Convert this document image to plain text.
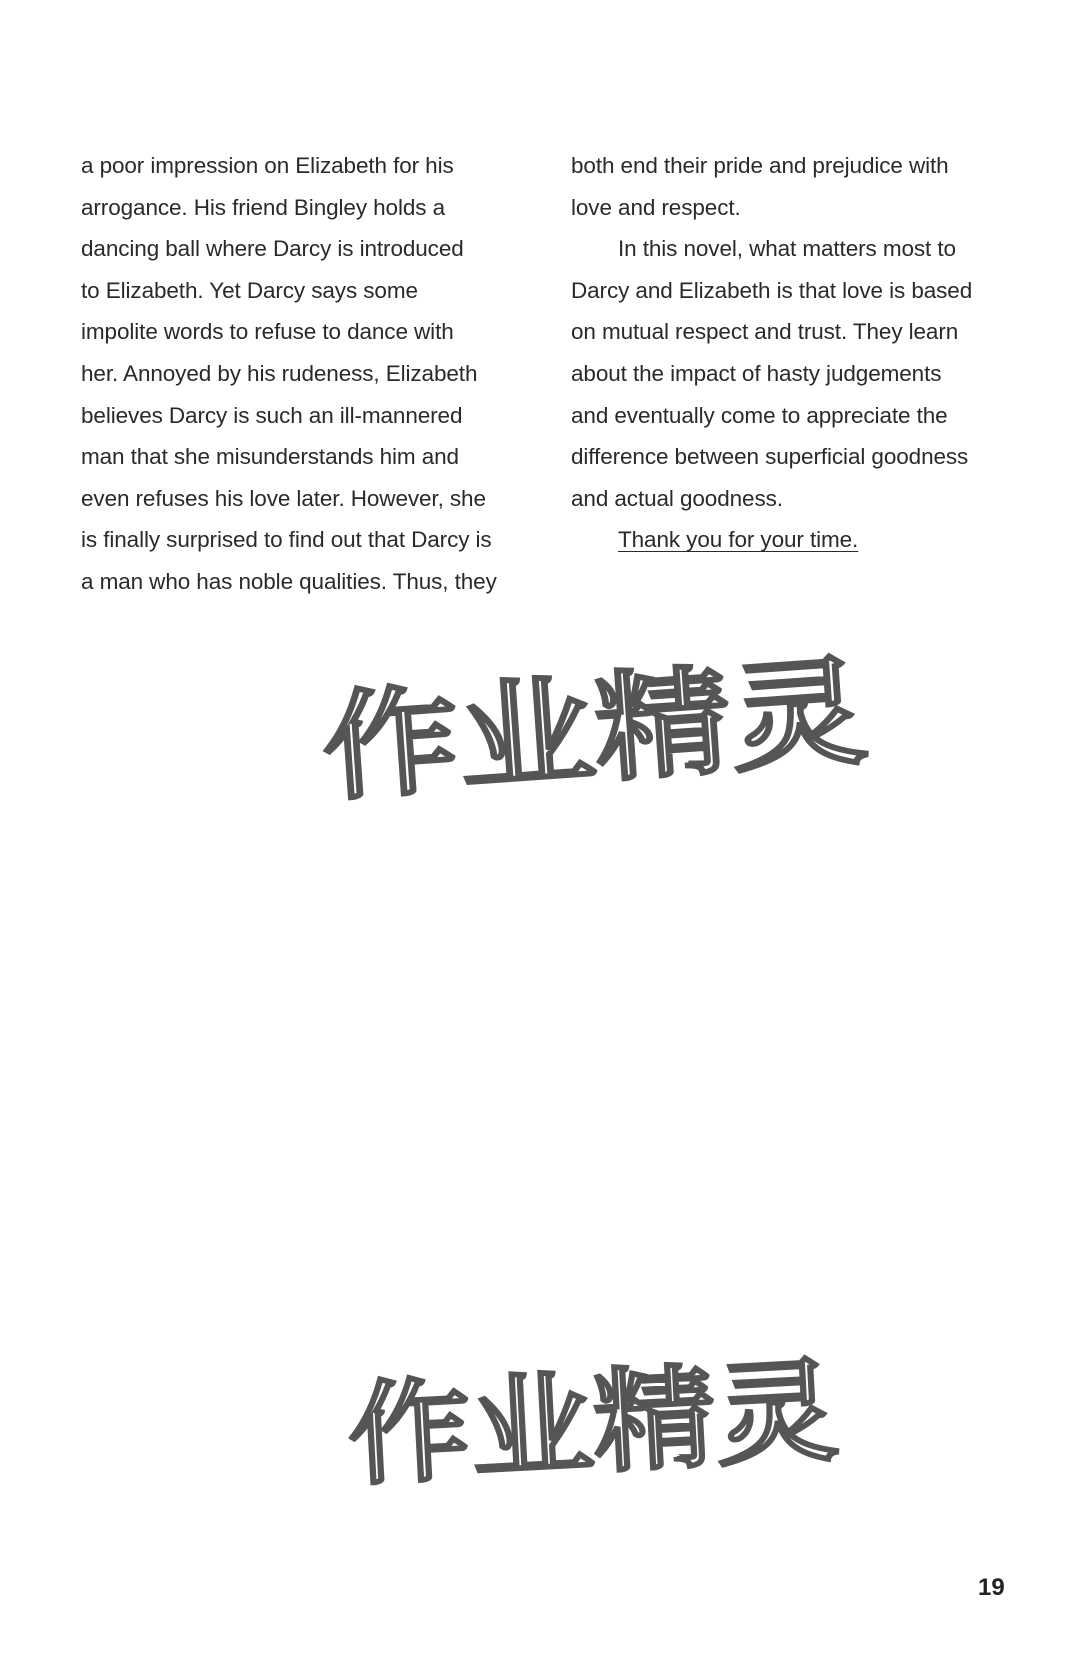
a poor impression on Elizabeth for his
arrogance. His friend Bingley holds a
dancing ball where Darcy is introduced
to Elizabeth. Yet Darcy says some
impolite words to refuse to dance with
her. Annoyed by his rudeness, Elizabeth
believes Darcy is such an ill-mannered
man that she misunderstands him and
even refuses his love later. However, she
is finally surprised to find out that Darcy is
a man who has noble qualities. Thus, they
both end their pride and prejudice with
love and respect.
In this novel, what matters most to
Darcy and Elizabeth is that love is based
on mutual respect and trust. They learn
about the impact of hasty judgements
and eventually come to appreciate the
difference between superficial goodness
and actual goodness.
Thank you for your time.
作业精灵
作业精灵
19
